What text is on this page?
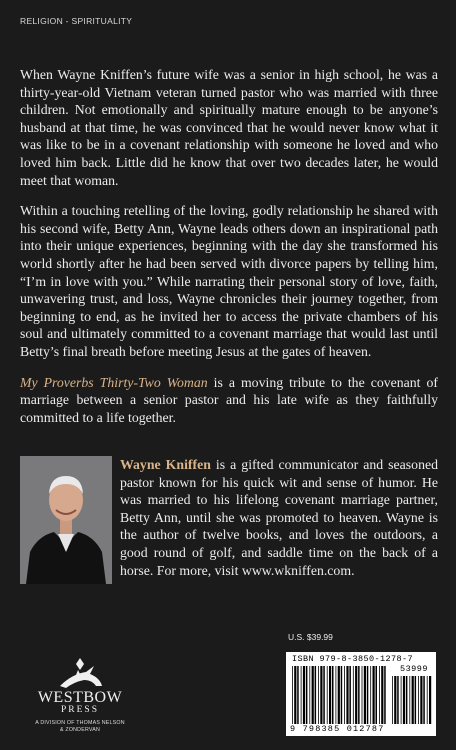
RELIGION - SPIRITUALITY

When Wayne Kniffen’s future wife was a senior in high school, he was a thirty-year-old Vietnam veteran turned pastor who was married with three children. Not emotionally and spiritually mature enough to be anyone’s husband at that time, he was convinced that he would never know what it was like to be in a covenant relationship with someone he loved and who loved him back. Little did he know that over two decades later, he would meet that woman.

Within a touching retelling of the loving, godly relationship he shared with his second wife, Betty Ann, Wayne leads others down an inspirational path into their unique experiences, beginning with the day she transformed his world shortly after he had been served with divorce papers by telling him, “I’m in love with you.” While narrating their personal story of love, faith, unwavering trust, and loss, Wayne chronicles their journey together, from beginning to end, as he invited her to access the private chambers of his soul and ultimately committed to a covenant marriage that would last until Betty’s final breath before meeting Jesus at the gates of heaven.

My Proverbs Thirty-Two Woman is a moving tribute to the covenant of marriage between a senior pastor and his late wife as they faithfully committed to a life together.

Wayne Kniffen is a gifted communicator and seasoned pastor known for his quick wit and sense of humor. He was married to his lifelong covenant marriage partner, Betty Ann, until she was promoted to heaven. Wayne is the author of twelve books, and loves the outdoors, a good round of golf, and saddle time on the back of a horse. For more, visit www.wkniffen.com.
WESTBOW
PRESS
A DIVISION OF THOMAS NELSON
& ZONDERVAN
U.S. $39.99
ISBN 979-8-3850-1278-7
53999
9 798385 012787
